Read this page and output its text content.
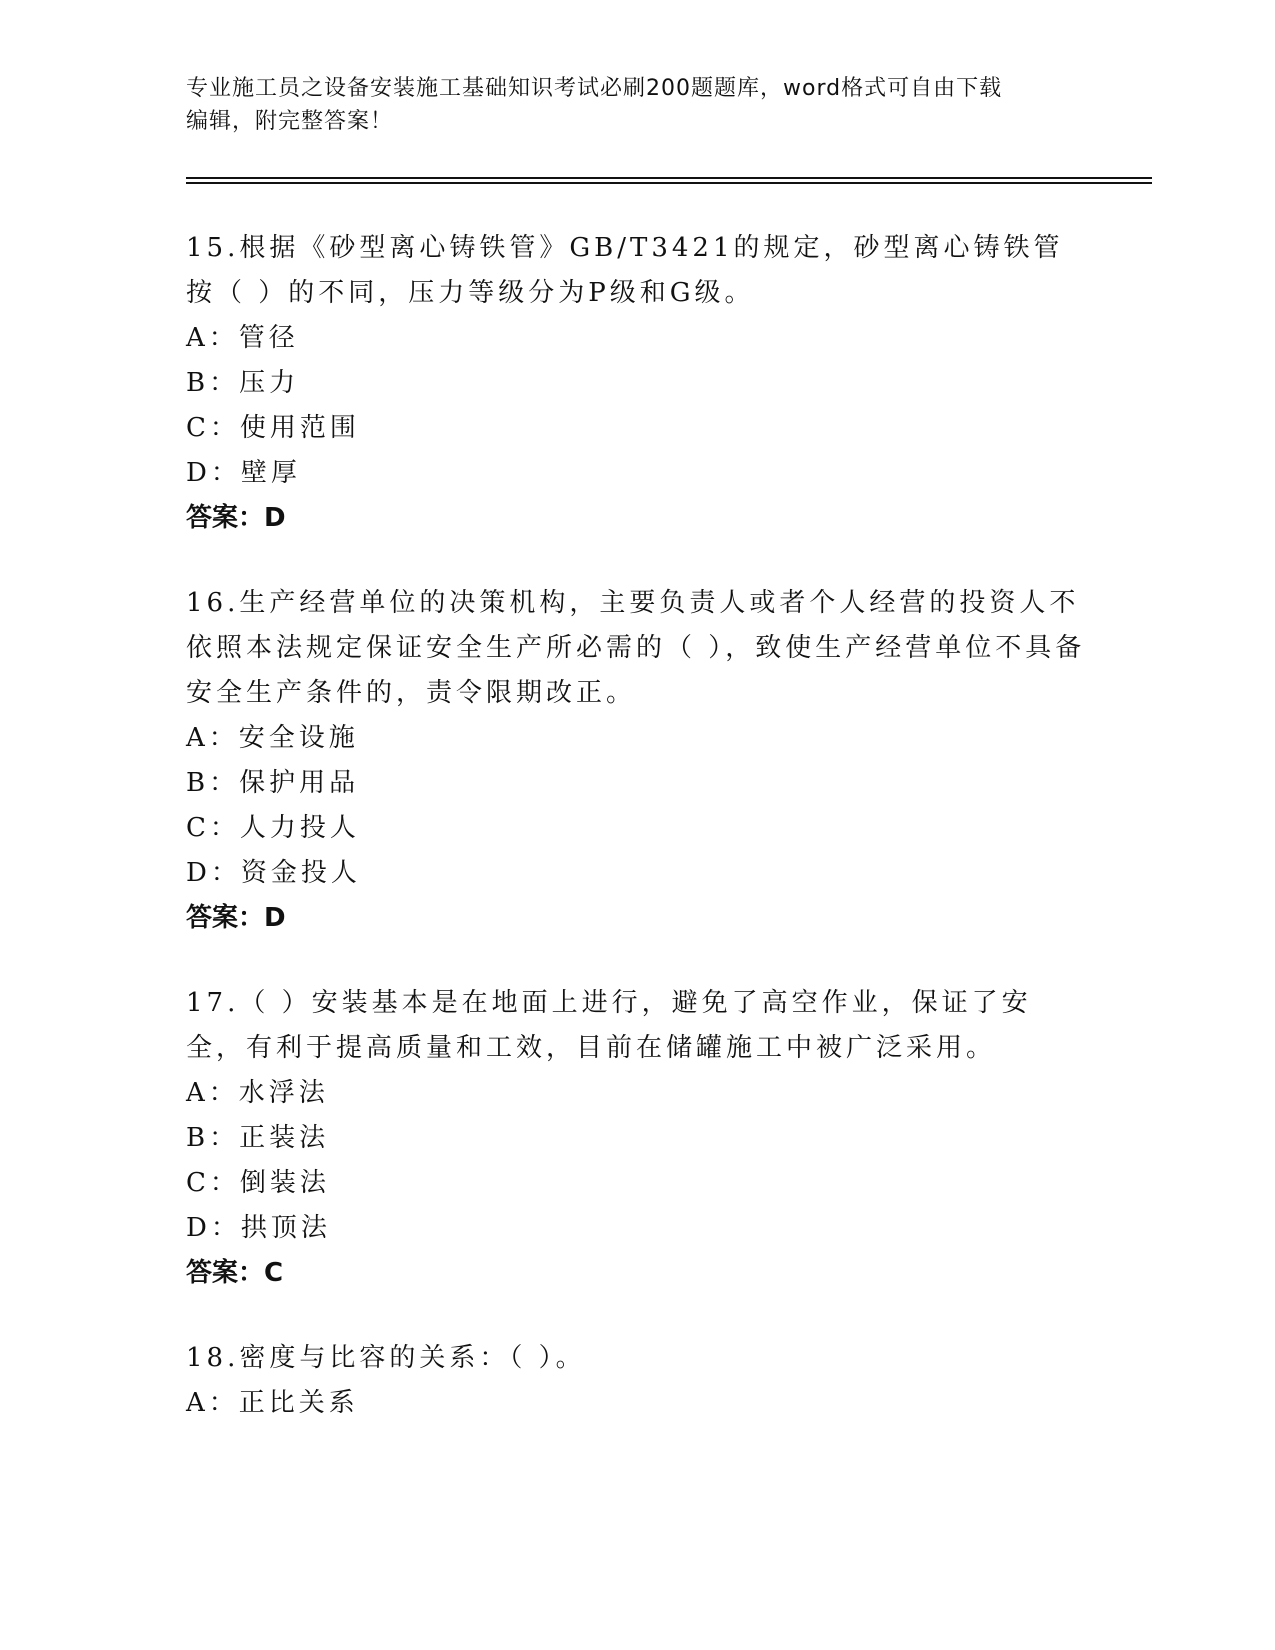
专业施工员之设备安装施工基础知识考试必刷200题题库，word格式可自由下载
编辑，附完整答案！
15.根据《砂型离心铸铁管》GB/T3421的规定，砂型离心铸铁管按（ ）的不同，压力等级分为P级和G级。
A：管径
B：压力
C：使用范围
D：壁厚
答案：D
16.生产经营单位的决策机构，主要负责人或者个人经营的投资人不依照本法规定保证安全生产所必需的（ ），致使生产经营单位不具备安全生产条件的，责令限期改正。
A：安全设施
B：保护用品
C：人力投人
D：资金投人
答案：D
17.（ ）安装基本是在地面上进行，避免了高空作业，保证了安全，有利于提高质量和工效，目前在储罐施工中被广泛采用。
A：水浮法
B：正装法
C：倒装法
D：拱顶法
答案：C
18.密度与比容的关系：（ ）。
A：正比关系
